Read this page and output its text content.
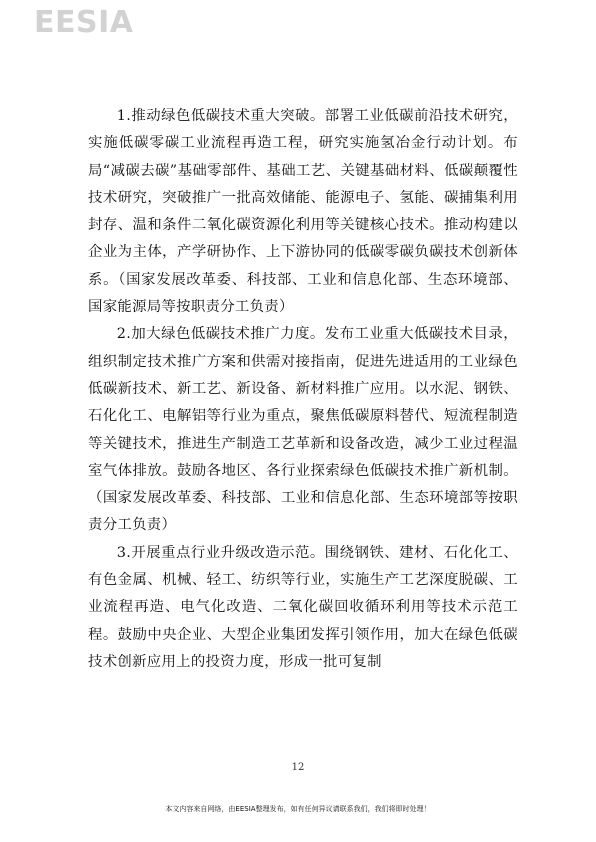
EESIA

1.推动绿色低碳技术重大突破。部署工业低碳前沿技术研究，实施低碳零碳工业流程再造工程，研究实施氢冶金行动计划。布局“减碳去碳”基础零部件、基础工艺、关键基础材料、低碳颠覆性技术研究，突破推广一批高效储能、能源电子、氢能、碳捕集利用封存、温和条件二氧化碳资源化利用等关键核心技术。推动构建以企业为主体，产学研协作、上下游协同的低碳零碳负碳技术创新体系。（国家发展改革委、科技部、工业和信息化部、生态环境部、国家能源局等按职责分工负责）

2.加大绿色低碳技术推广力度。发布工业重大低碳技术目录，组织制定技术推广方案和供需对接指南，促进先进适用的工业绿色低碳新技术、新工艺、新设备、新材料推广应用。以水泥、钢铁、石化化工、电解铝等行业为重点，聚焦低碳原料替代、短流程制造等关键技术，推进生产制造工艺革新和设备改造，减少工业过程温室气体排放。鼓励各地区、各行业探索绿色低碳技术推广新机制。（国家发展改革委、科技部、工业和信息化部、生态环境部等按职责分工负责）

3.开展重点行业升级改造示范。围绕钢铁、建材、石化化工、有色金属、机械、轻工、纺织等行业，实施生产工艺深度脱碳、工业流程再造、电气化改造、二氧化碳回收循环利用等技术示范工程。鼓励中央企业、大型企业集团发挥引领作用，加大在绿色低碳技术创新应用上的投资力度，形成一批可复制

12
本文内容来自网络，由EESIA整理发布，如有任何异议请联系我们，我们将即时处理！
